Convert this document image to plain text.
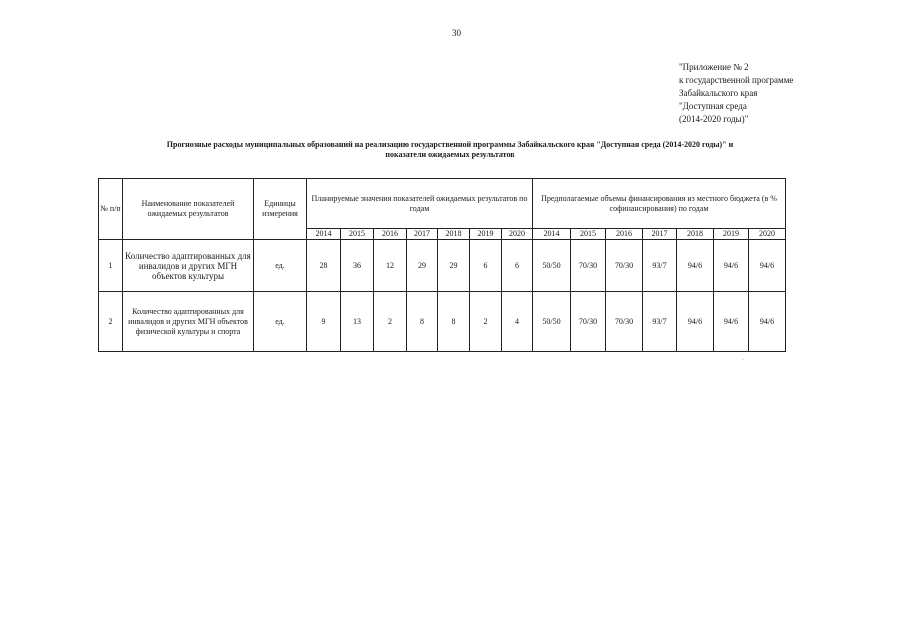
30
"Приложение № 2
к государственной программе
Забайкальского края
"Доступная среда
(2014-2020 годы)"
Прогнозные расходы муниципальных образований на реализацию государственной программы Забайкальского края "Доступная среда (2014-2020 годы)" и
показатели ожидаемых результатов
№ п/п	Наименование показателей ожидаемых результатов	Единицы измерения	Планируемые значения показателей ожидаемых результатов по годам							Предполагаемые объемы финансирования из местного бюджета (в % софинансирования) по годам						
			2014	2015	2016	2017	2018	2019	2020	2014	2015	2016	2017	2018	2019	2020
1	Количество адаптированных для инвалидов и других МГН объектов культуры	ед.	28	36	12	29	29	6	6	50/50	70/30	70/30	93/7	94/6	94/6	94/6
2	Количество адаптированных для инвалидов и других МГН объектов физической культуры и спорта	ед.	9	13	2	8	8	2	4	50/50	70/30	70/30	93/7	94/6	94/6	94/6
·
